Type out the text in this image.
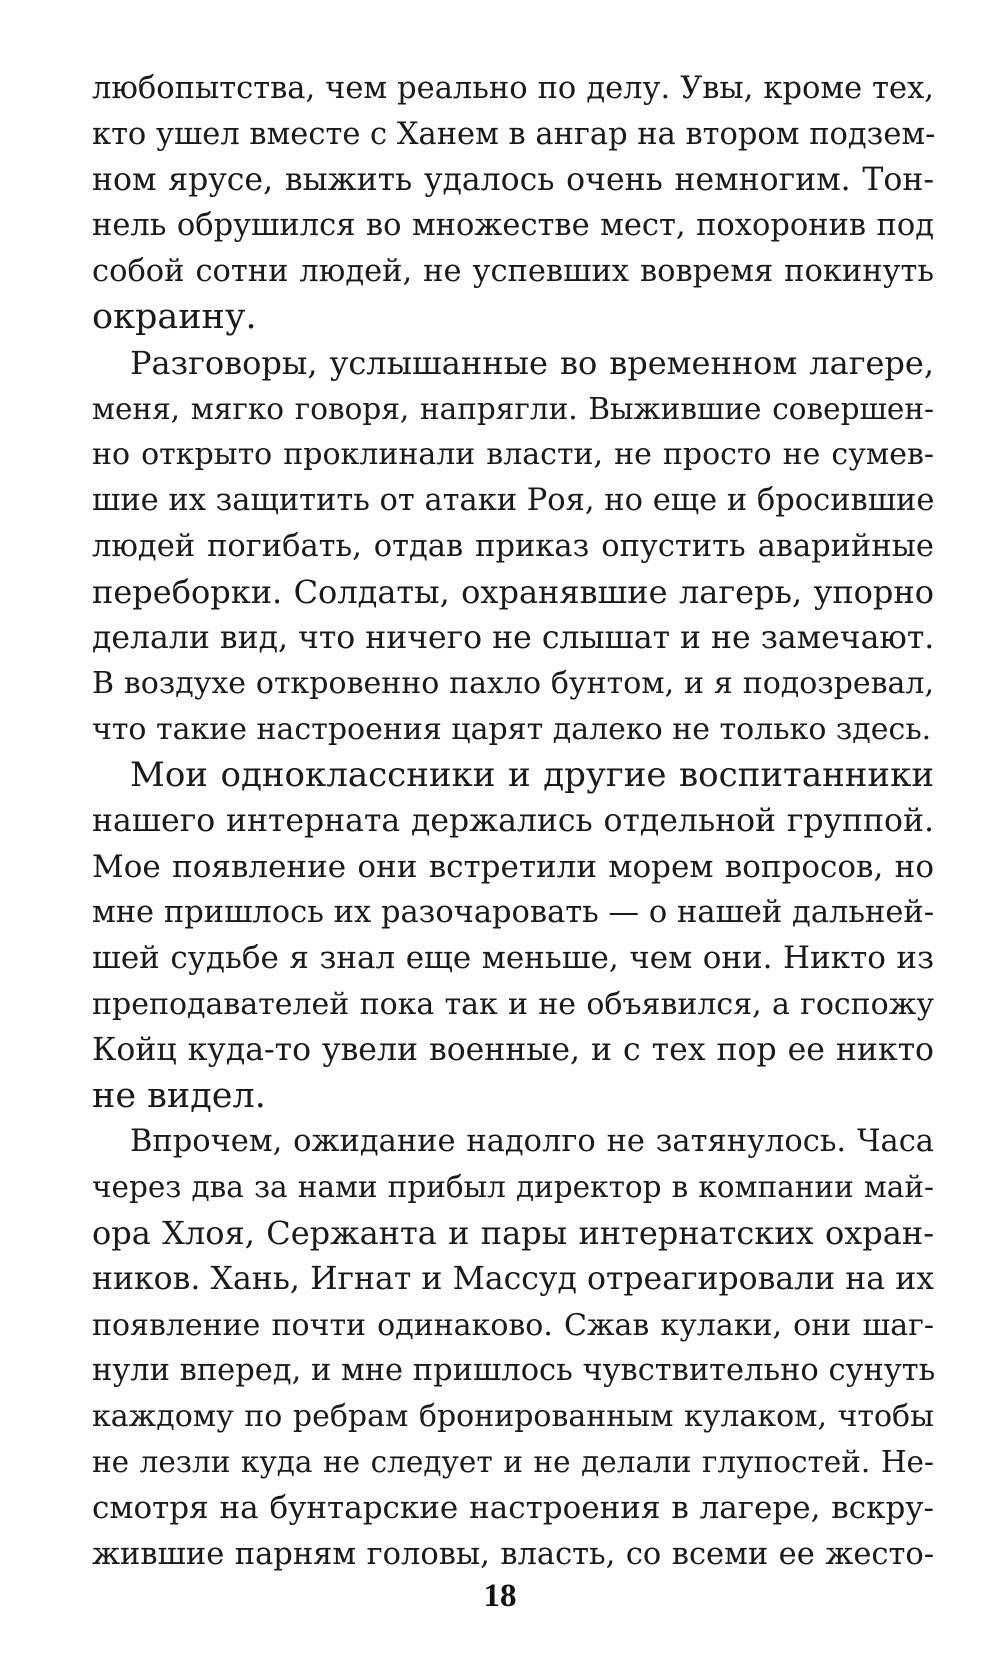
любопытства, чем реально по делу. Увы, кроме тех,
кто ушел вместе с Ханем в ангар на втором подзем-
ном ярусе, выжить удалось очень немногим. Тон-
нель обрушился во множестве мест, похоронив под
собой сотни людей, не успевших вовремя покинуть
окраину.
Разговоры, услышанные во временном лагере,
меня, мягко говоря, напрягли. Выжившие совершен-
но открыто проклинали власти, не просто не сумев-
шие их защитить от атаки Роя, но еще и бросившие
людей погибать, отдав приказ опустить аварийные
переборки. Солдаты, охранявшие лагерь, упорно
делали вид, что ничего не слышат и не замечают.
В воздухе откровенно пахло бунтом, и я подозревал,
что такие настроения царят далеко не только здесь.
Мои одноклассники и другие воспитанники
нашего интерната держались отдельной группой.
Мое появление они встретили морем вопросов, но
мне пришлось их разочаровать — о нашей дальней-
шей судьбе я знал еще меньше, чем они. Никто из
преподавателей пока так и не объявился, а госпожу
Койц куда-то увели военные, и с тех пор ее никто
не видел.
Впрочем, ожидание надолго не затянулось. Часа
через два за нами прибыл директор в компании май-
ора Хлоя, Сержанта и пары интернатских охран-
ников. Хань, Игнат и Массуд отреагировали на их
появление почти одинаково. Сжав кулаки, они шаг-
нули вперед, и мне пришлось чувствительно сунуть
каждому по ребрам бронированным кулаком, чтобы
не лезли куда не следует и не делали глупостей. Не-
смотря на бунтарские настроения в лагере, вскру-
жившие парням головы, власть, со всеми ее жесто-
18
